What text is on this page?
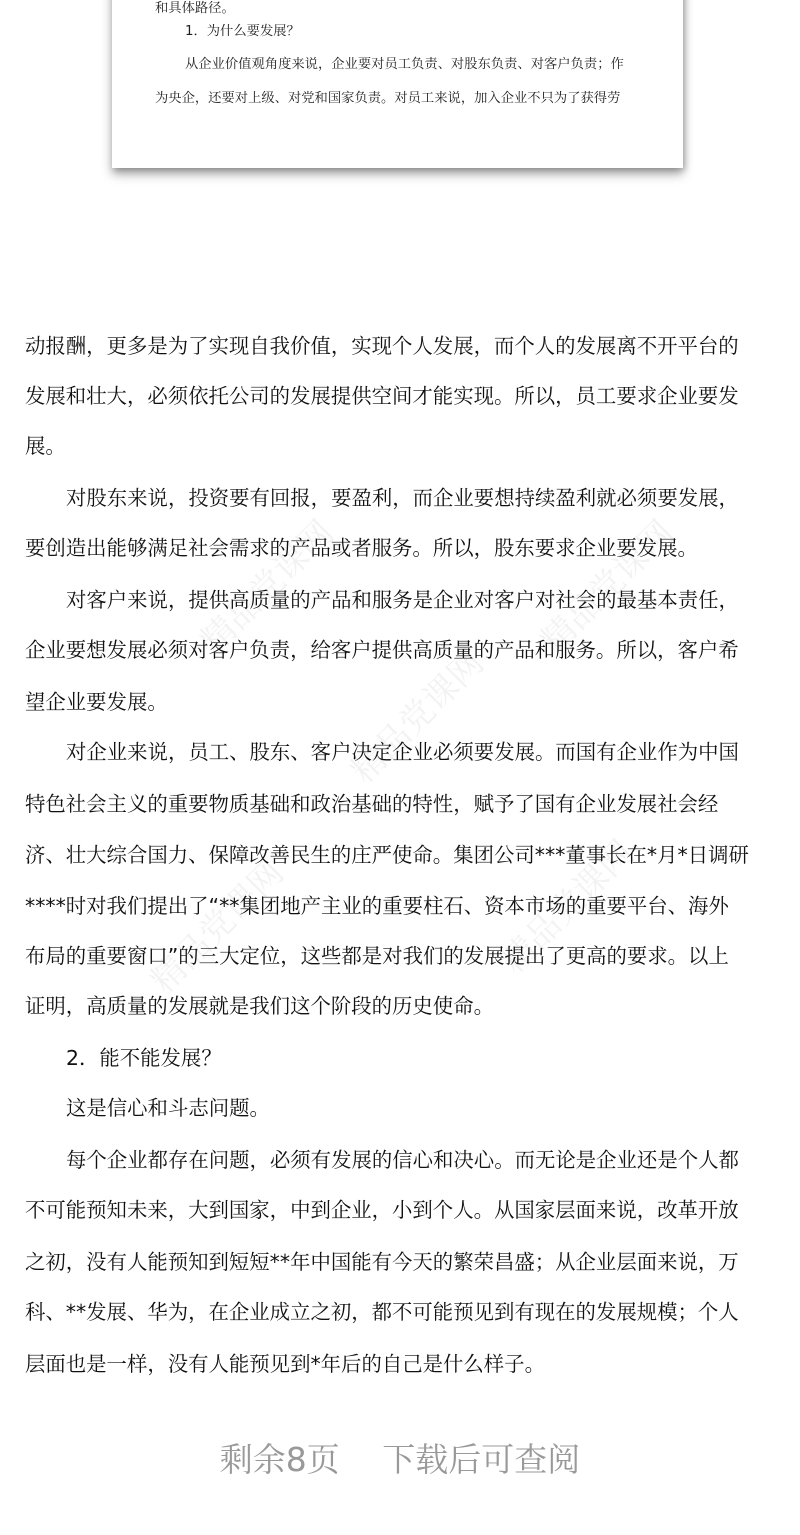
和具体路径。
1．为什么要发展？
从企业价值观角度来说，企业要对员工负责、对股东负责、对客户负责；作
为央企，还要对上级、对党和国家负责。对员工来说，加入企业不只为了获得劳
精品党课网	精品党课网
精品党课网
精品党课网	精品党课网
动报酬，更多是为了实现自我价值，实现个人发展，而个人的发展离不开平台的
发展和壮大，必须依托公司的发展提供空间才能实现。所以，员工要求企业要发
展。
对股东来说，投资要有回报，要盈利，而企业要想持续盈利就必须要发展，
要创造出能够满足社会需求的产品或者服务。所以，股东要求企业要发展。
对客户来说，提供高质量的产品和服务是企业对客户对社会的最基本责任，
企业要想发展必须对客户负责，给客户提供高质量的产品和服务。所以，客户希
望企业要发展。
对企业来说，员工、股东、客户决定企业必须要发展。而国有企业作为中国
特色社会主义的重要物质基础和政治基础的特性，赋予了国有企业发展社会经
济、壮大综合国力、保障改善民生的庄严使命。集团公司***董事长在*月*日调研
****时对我们提出了“**集团地产主业的重要柱石、资本市场的重要平台、海外
布局的重要窗口”的三大定位，这些都是对我们的发展提出了更高的要求。以上
证明，高质量的发展就是我们这个阶段的历史使命。
2．能不能发展？
这是信心和斗志问题。
每个企业都存在问题，必须有发展的信心和决心。而无论是企业还是个人都
不可能预知未来，大到国家，中到企业，小到个人。从国家层面来说，改革开放
之初，没有人能预知到短短**年中国能有今天的繁荣昌盛；从企业层面来说，万
科、**发展、华为，在企业成立之初，都不可能预见到有现在的发展规模；个人
层面也是一样，没有人能预见到*年后的自己是什么样子。
剩余8页 下载后可查阅
